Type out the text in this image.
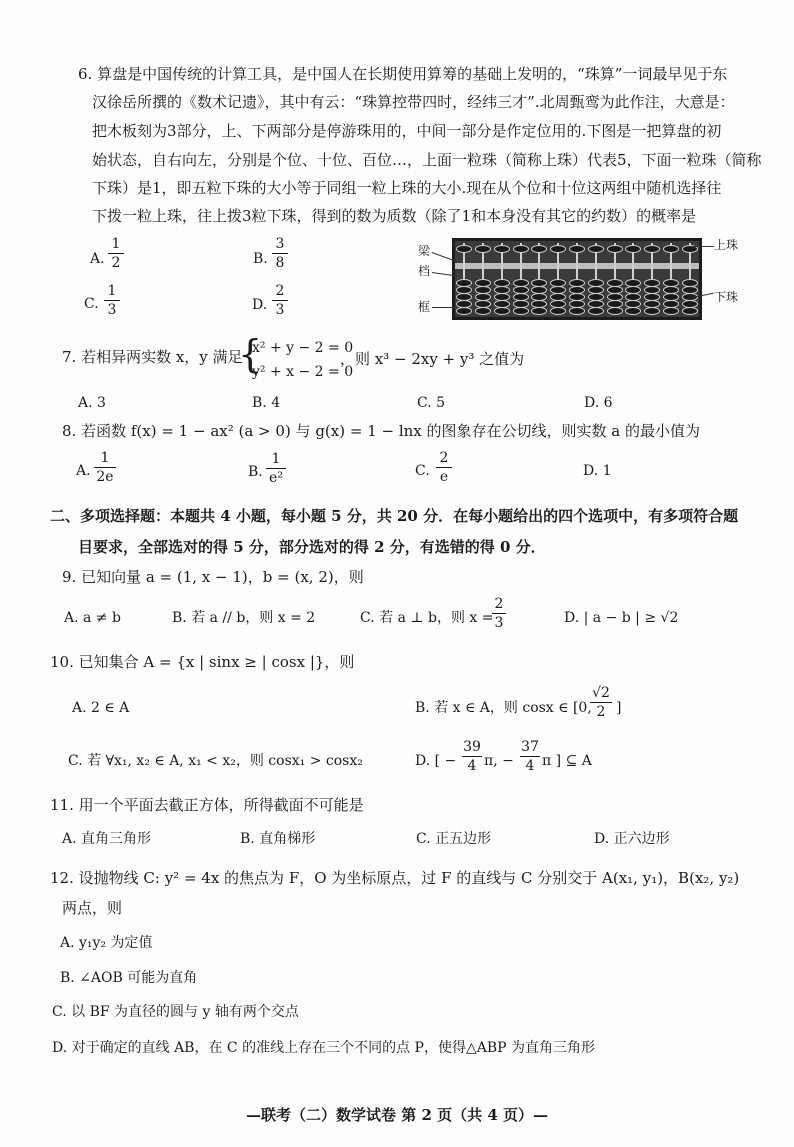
6. 算盘是中国传统的计算工具，是中国人在长期使用算筹的基础上发明的，“珠算”一词最早见于东
汉徐岳所撰的《数术记遗》，其中有云：“珠算控带四时，经纬三才”.北周甄鸾为此作注，大意是：
把木板刻为3部分，上、下两部分是停游珠用的，中间一部分是作定位用的.下图是一把算盘的初
始状态，自右向左，分别是个位、十位、百位…，上面一粒珠（简称上珠）代表5，下面一粒珠（简称
下珠）是1，即五粒下珠的大小等于同组一粒上珠的大小.现在从个位和十位这两组中随机选择往
下拨一粒上珠，往上拨3粒下珠，得到的数为质数（除了1和本身没有其它的约数）的概率是
A.
1
2	B.
3
8
C.
1
3	D.
2
3
梁
档
框
上珠
下珠
7. 若相异两实数 x，y 满足
{
x² + y − 2 = 0
y² + x − 2 = 0
，则 x³ − 2xy + y³ 之值为
A. 3	B. 4	C. 5	D. 6
8. 若函数 f(x) = 1 − ax² (a > 0) 与 g(x) = 1 − lnx 的图象存在公切线，则实数 a 的最小值为
A.
1
2e	B.
1
e²	C.
2
e	D. 1
二、多项选择题：本题共 4 小题，每小题 5 分，共 20 分．在每小题给出的四个选项中，有多项符合题
目要求，全部选对的得 5 分，部分选对的得 2 分，有选错的得 0 分．
9. 已知向量 a = (1, x − 1)，b = (x, 2)，则
A. a ≠ b	B. 若 a // b，则 x = 2	C. 若 a ⊥ b，则 x =
2
3	D. | a − b | ≥ √2
10. 已知集合 A = {x | sinx ≥ | cosx |}，则
A. 2 ∈ A	B. 若 x ∈ A，则 cosx ∈ [0,
√2
2 ]
C. 若 ∀x₁, x₂ ∈ A, x₁ < x₂，则 cosx₁ > cosx₂	D. [ −
39
4 π, −
37
4 π ] ⊆ A
11. 用一个平面去截正方体，所得截面不可能是
A. 直角三角形	B. 直角梯形	C. 正五边形	D. 正六边形
12. 设抛物线 C: y² = 4x 的焦点为 F，O 为坐标原点，过 F 的直线与 C 分别交于 A(x₁, y₁)，B(x₂, y₂)
两点，则
A. y₁y₂ 为定值
B. ∠AOB 可能为直角
C. 以 BF 为直径的圆与 y 轴有两个交点
D. 对于确定的直线 AB，在 C 的准线上存在三个不同的点 P，使得△ABP 为直角三角形
—联考（二）数学试卷 第 2 页（共 4 页）—
